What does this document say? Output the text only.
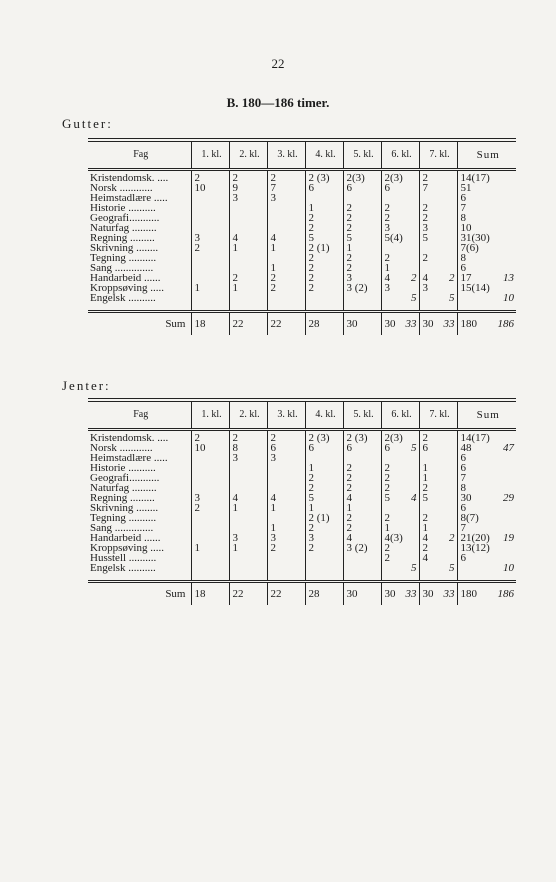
22
B. 180—186 timer.
Gutter:
Fag	1. kl.	2. kl.	3. kl.	4. kl.	5. kl.	6. kl.	7. kl.	Sum
Kristendomsk. ....	2	2	2	2 (3)	2(3)	2(3)	2	14(17)
Norsk ............	10	9	7	6	6	6	7	51
Heimstadlære .....		3	3					6
Historie ..........				1	2	2	2	7
Geografi...........				2	2	2	2	8
Naturfag .........				2	2	3	3	10
Regning .........	3	4	4	5	5	5(4)	5	31(30)
Skrivning ........	2	1	1	2 (1)	1			7(6)
Tegning ..........				2	2	2	2	8
Sang ..............			1	2	2	1		6
Handarbeid ......		2	2	2	3	4 2	4 2	17 13

Kroppsøving .....	1	1	2	2	3 (2)	3	3	15(14)
Engelsk ..........						5	5	10

Sum	18	22	22	28	30	30 33	30 33	180 186
Jenter:
Fag	1. kl.	2. kl.	3. kl.	4. kl.	5. kl.	6. kl.	7. kl.	Sum
Kristendomsk. ....	2	2	2	2 (3)	2 (3)	2(3)	2	14(17)
Norsk ............	10	8	6	6	6	6 5	6	48 47

Heimstadlære .....		3	3					6
Historie ..........				1	2	2	1	6
Geografi...........				2	2	2	1	7
Naturfag .........				2	2	2	2	8
Regning .........	3	4	4	5	4	5 4	5	30 29

Skrivning ........	2	1	1	1	1			6
Tegning ..........				2 (1)	2	2	2	8(7)
Sang ..............			1	2	2	1	1	7
Handarbeid ......		3	3	3	4	4(3)	4 2	21(20) 19

Kroppsøving .....	1	1	2	2	3 (2)	2	2	13(12)
Husstell ..........						2	4	6
Engelsk ..........						5	5	10

Sum	18	22	22	28	30	30 33	30 33	180 186
